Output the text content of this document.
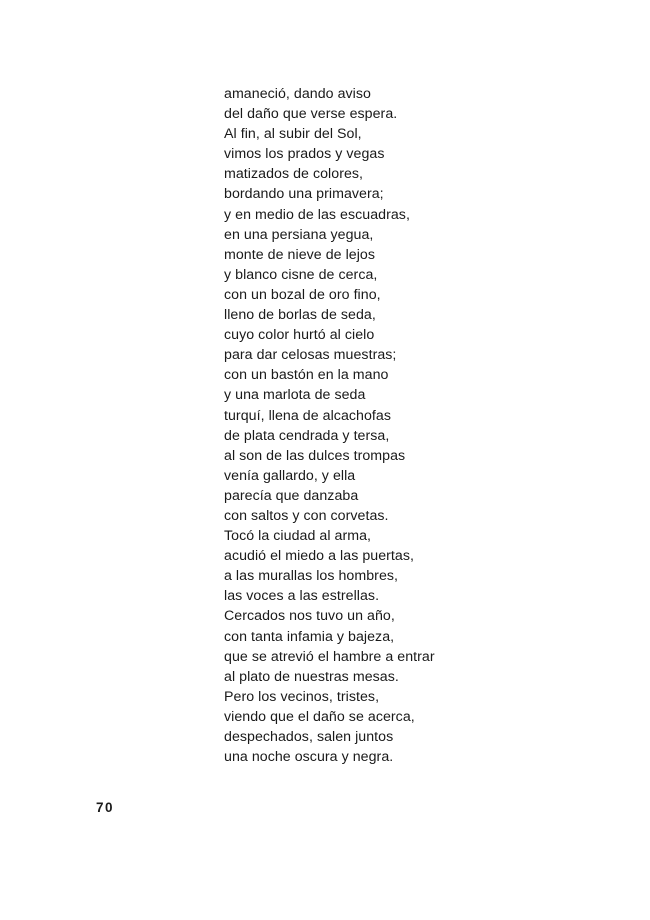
amaneció, dando aviso
del daño que verse espera.
Al fin, al subir del Sol,
vimos los prados y vegas
matizados de colores,
bordando una primavera;
y en medio de las escuadras,
en una persiana yegua,
monte de nieve de lejos
y blanco cisne de cerca,
con un bozal de oro fino,
lleno de borlas de seda,
cuyo color hurtó al cielo
para dar celosas muestras;
con un bastón en la mano
y una marlota de seda
turquí, llena de alcachofas
de plata cendrada y tersa,
al son de las dulces trompas
venía gallardo, y ella
parecía que danzaba
con saltos y con corvetas.
Tocó la ciudad al arma,
acudió el miedo a las puertas,
a las murallas los hombres,
las voces a las estrellas.
Cercados nos tuvo un año,
con tanta infamia y bajeza,
que se atrevió el hambre a entrar
al plato de nuestras mesas.
Pero los vecinos, tristes,
viendo que el daño se acerca,
despechados, salen juntos
una noche oscura y negra.
70
